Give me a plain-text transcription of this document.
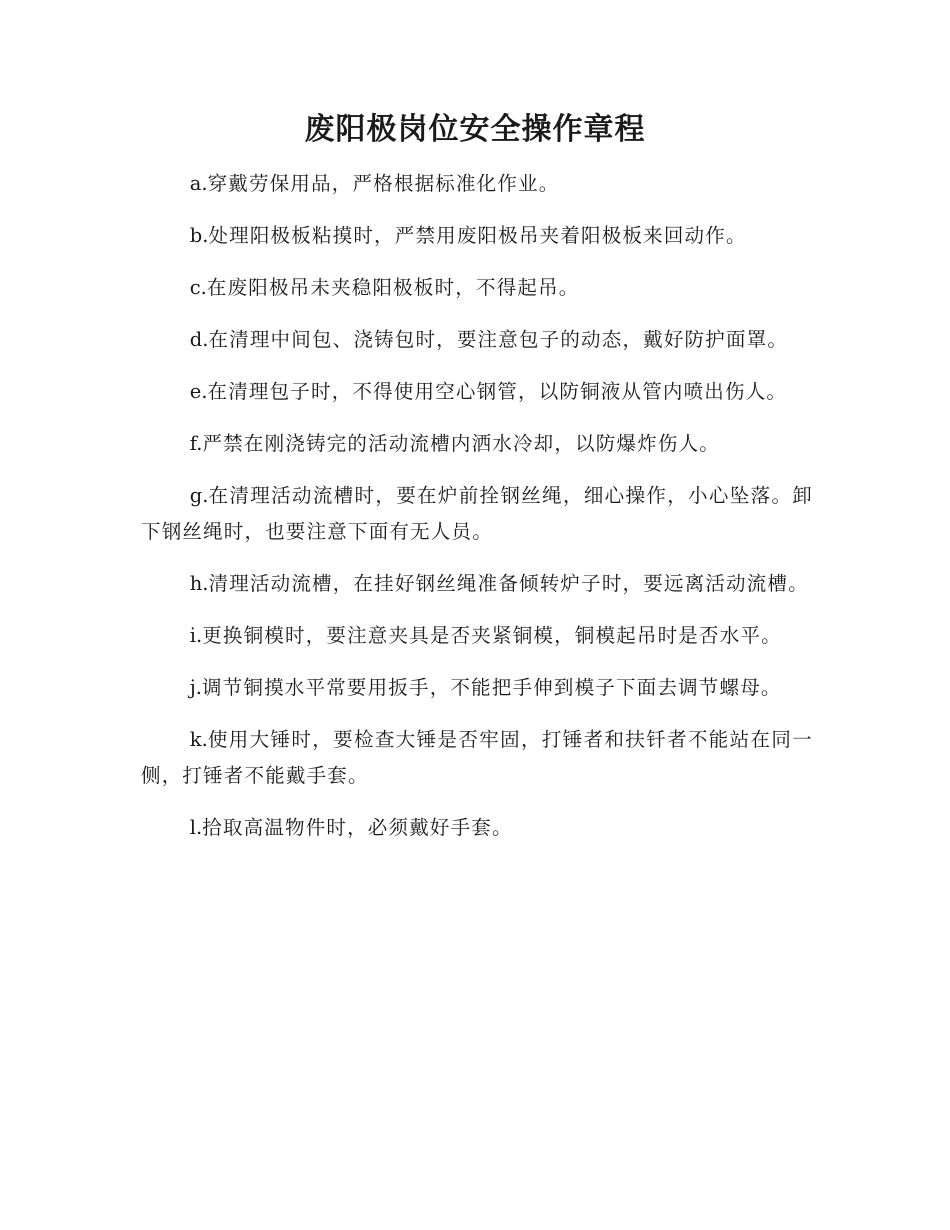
废阳极岗位安全操作章程

a.穿戴劳保用品，严格根据标准化作业。

b.处理阳极板粘摸时，严禁用废阳极吊夹着阳极板来回动作。

c.在废阳极吊未夹稳阳极板时，不得起吊。

d.在清理中间包、浇铸包时，要注意包子的动态，戴好防护面罩。

e.在清理包子时，不得使用空心钢管，以防铜液从管内喷出伤人。

f.严禁在刚浇铸完的活动流槽内洒水冷却，以防爆炸伤人。

g.在清理活动流槽时，要在炉前拴钢丝绳，细心操作，小心坠落。卸下钢丝绳时，也要注意下面有无人员。

h.清理活动流槽，在挂好钢丝绳准备倾转炉子时，要远离活动流槽。

i.更换铜模时，要注意夹具是否夹紧铜模，铜模起吊时是否水平。

j.调节铜摸水平常要用扳手，不能把手伸到模子下面去调节螺母。

k.使用大锤时，要检查大锤是否牢固，打锤者和扶钎者不能站在同一侧，打锤者不能戴手套。

l.拾取高温物件时，必须戴好手套。
